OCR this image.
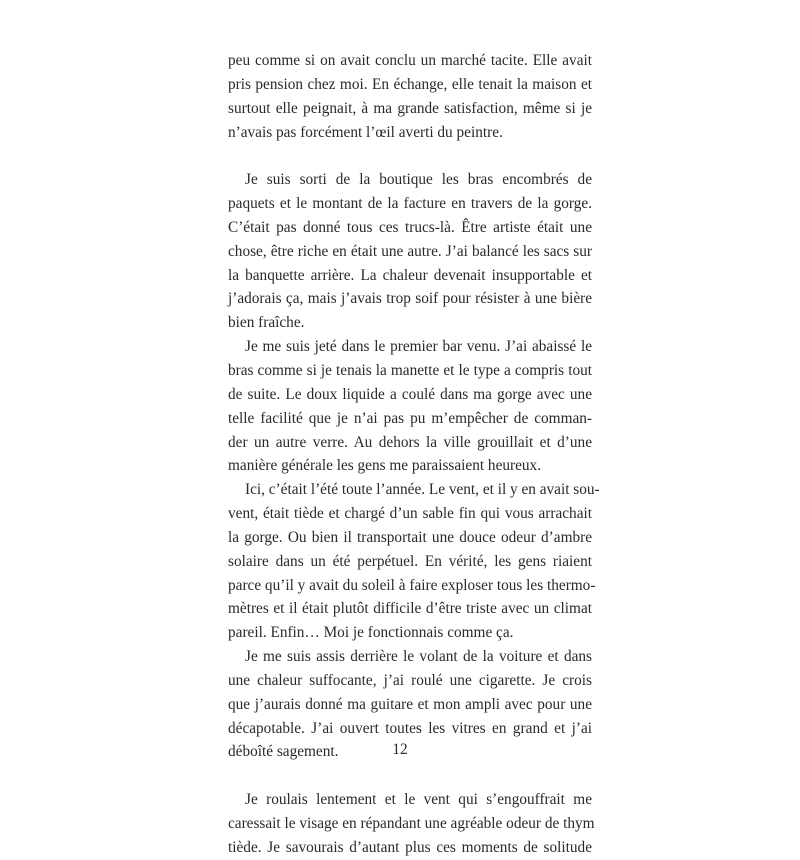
peu comme si on avait conclu un marché tacite. Elle avait
pris pension chez moi. En échange, elle tenait la maison et
surtout elle peignait, à ma grande satisfaction, même si je
n’avais pas forcément l’œil averti du peintre.
Je suis sorti de la boutique les bras encombrés de
paquets et le montant de la facture en travers de la gorge.
C’était pas donné tous ces trucs-là. Être artiste était une
chose, être riche en était une autre. J’ai balancé les sacs sur
la banquette arrière. La chaleur devenait insupportable et
j’adorais ça, mais j’avais trop soif pour résister à une bière
bien fraîche.
Je me suis jeté dans le premier bar venu. J’ai abaissé le
bras comme si je tenais la manette et le type a compris tout
de suite. Le doux liquide a coulé dans ma gorge avec une
telle facilité que je n’ai pas pu m’empêcher de comman-
der un autre verre. Au dehors la ville grouillait et d’une
manière générale les gens me paraissaient heureux.
Ici, c’était l’été toute l’année. Le vent, et il y en avait sou-
vent, était tiède et chargé d’un sable fin qui vous arrachait
la gorge. Ou bien il transportait une douce odeur d’ambre
solaire dans un été perpétuel. En vérité, les gens riaient
parce qu’il y avait du soleil à faire exploser tous les thermo-
mètres et il était plutôt difficile d’être triste avec un climat
pareil. Enfin… Moi je fonctionnais comme ça.
Je me suis assis derrière le volant de la voiture et dans
une chaleur suffocante, j’ai roulé une cigarette. Je crois
que j’aurais donné ma guitare et mon ampli avec pour une
décapotable. J’ai ouvert toutes les vitres en grand et j’ai
déboîté sagement.
Je roulais lentement et le vent qui s’engouffrait me
caressait le visage en répandant une agréable odeur de thym
tiède. Je savourais d’autant plus ces moments de solitude
12
